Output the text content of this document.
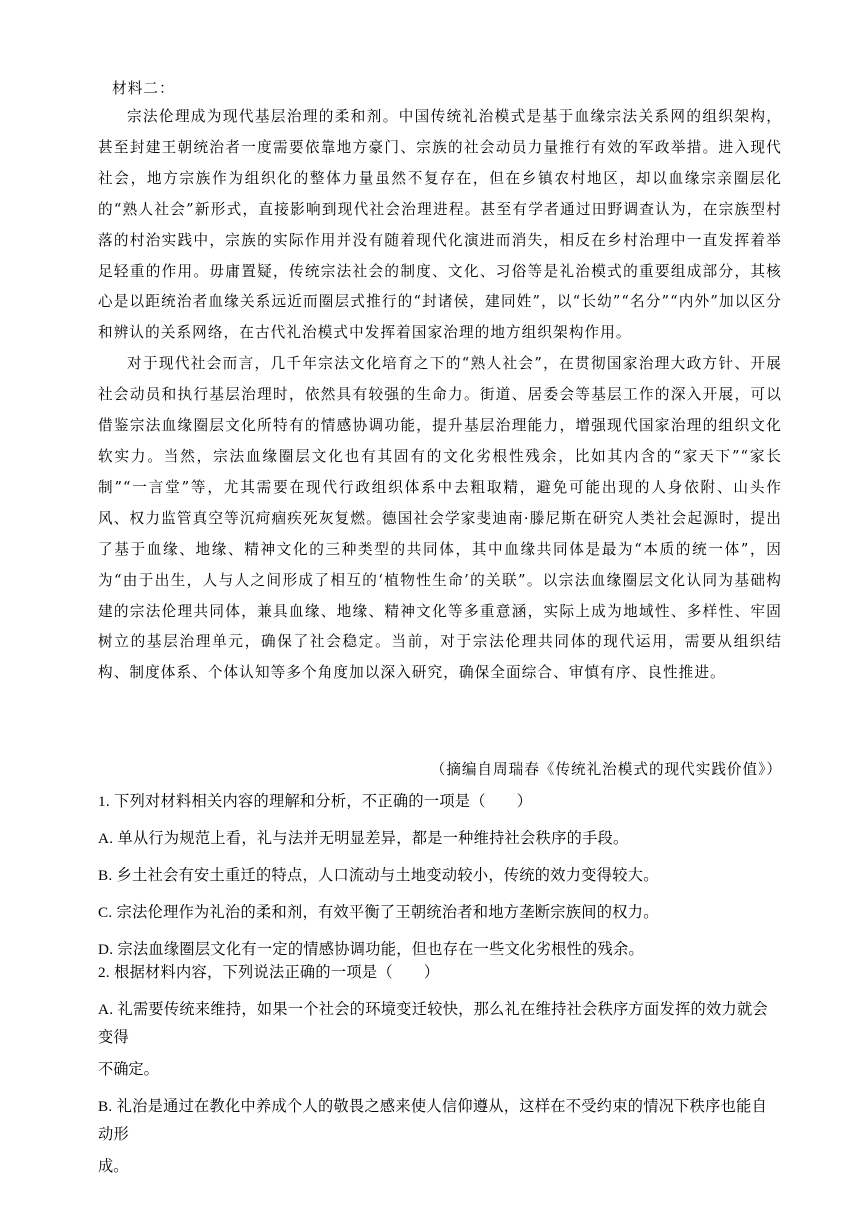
材料二：

宗法伦理成为现代基层治理的柔和剂。中国传统礼治模式是基于血缘宗法关系网的组织架构，甚至封建王朝统治者一度需要依靠地方豪门、宗族的社会动员力量推行有效的军政举措。进入现代社会，地方宗族作为组织化的整体力量虽然不复存在，但在乡镇农村地区，却以血缘宗亲圈层化的“熟人社会”新形式，直接影响到现代社会治理进程。甚至有学者通过田野调查认为，在宗族型村落的村治实践中，宗族的实际作用并没有随着现代化演进而消失，相反在乡村治理中一直发挥着举足轻重的作用。毋庸置疑，传统宗法社会的制度、文化、习俗等是礼治模式的重要组成部分，其核心是以距统治者血缘关系远近而圈层式推行的“封诸侯，建同姓”，以“长幼”“名分”“内外”加以区分和辨认的关系网络，在古代礼治模式中发挥着国家治理的地方组织架构作用。

对于现代社会而言，几千年宗法文化培育之下的“熟人社会”，在贯彻国家治理大政方针、开展社会动员和执行基层治理时，依然具有较强的生命力。街道、居委会等基层工作的深入开展，可以借鉴宗法血缘圈层文化所特有的情感协调功能，提升基层治理能力，增强现代国家治理的组织文化软实力。当然，宗法血缘圈层文化也有其固有的文化劣根性残余，比如其内含的“家天下”“家长制”“一言堂”等，尤其需要在现代行政组织体系中去粗取精，避免可能出现的人身依附、山头作风、权力监管真空等沉疴痼疾死灰复燃。德国社会学家斐迪南·滕尼斯在研究人类社会起源时，提出了基于血缘、地缘、精神文化的三种类型的共同体，其中血缘共同体是最为“本质的统一体”，因为“由于出生，人与人之间形成了相互的‘植物性生命’的关联”。以宗法血缘圈层文化认同为基础构建的宗法伦理共同体，兼具血缘、地缘、精神文化等多重意涵，实际上成为地域性、多样性、牢固树立的基层治理单元，确保了社会稳定。当前，对于宗法伦理共同体的现代运用，需要从组织结构、制度体系、个体认知等多个角度加以深入研究，确保全面综合、审慎有序、良性推进。

（摘编自周瑞春《传统礼治模式的现代实践价值》）

1. 下列对材料相关内容的理解和分析，不正确的一项是（　　）

A. 单从行为规范上看，礼与法并无明显差异，都是一种维持社会秩序的手段。

B. 乡土社会有安土重迁的特点，人口流动与土地变动较小，传统的效力变得较大。

C. 宗法伦理作为礼治的柔和剂，有效平衡了王朝统治者和地方垄断宗族间的权力。

D. 宗法血缘圈层文化有一定的情感协调功能，但也存在一些文化劣根性的残余。

2. 根据材料内容，下列说法正确的一项是（　　）

A. 礼需要传统来维持，如果一个社会的环境变迁较快，那么礼在维持社会秩序方面发挥的效力就会变得

不确定。

B. 礼治是通过在教化中养成个人的敬畏之感来使人信仰遵从，这样在不受约束的情况下秩序也能自动形

成。
